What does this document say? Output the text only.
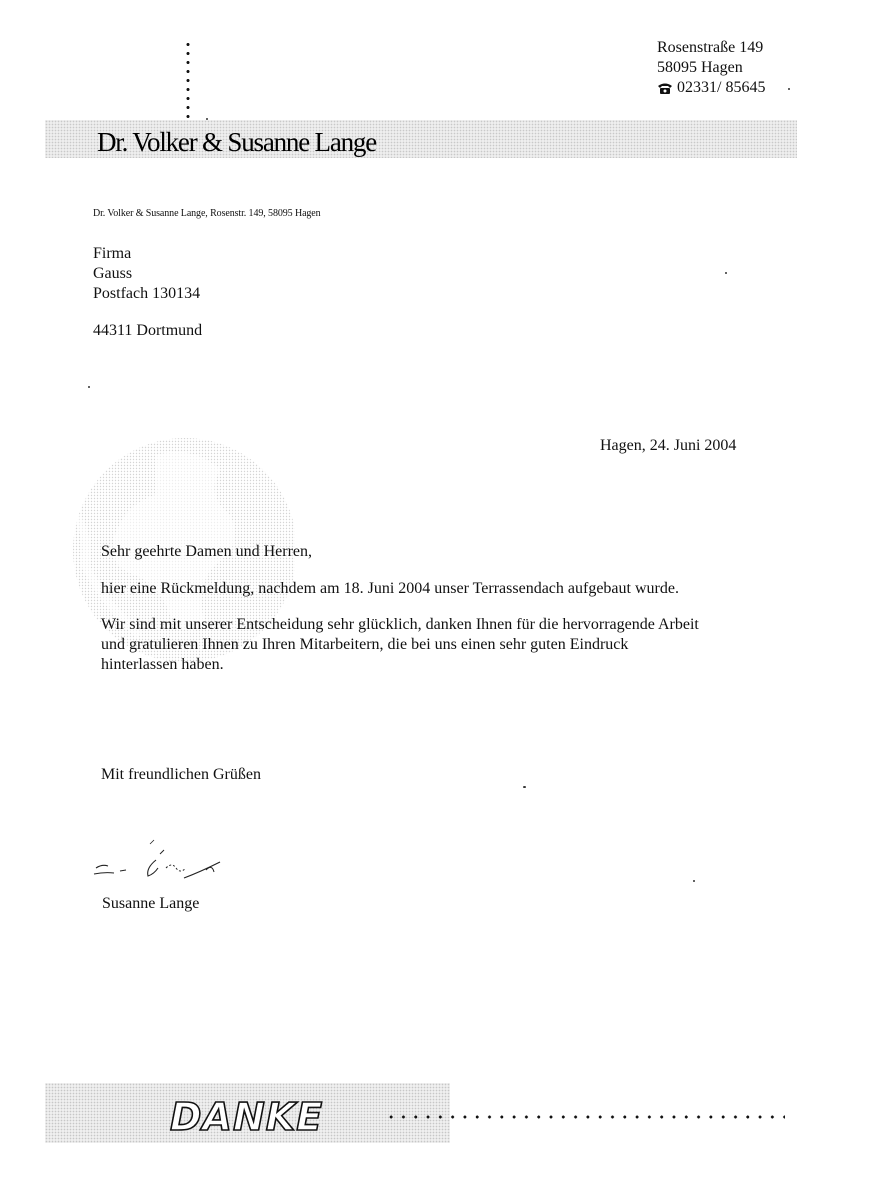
Rosenstraße 149
58095 Hagen
02331/ 85645
Dr. Volker & Susanne Lange
Dr. Volker & Susanne Lange, Rosenstr. 149, 58095 Hagen
Firma
Gauss
Postfach 130134
44311 Dortmund
Hagen, 24. Juni 2004
Sehr geehrte Damen und Herren,
hier eine Rückmeldung, nachdem am 18. Juni 2004 unser Terrassendach aufgebaut wurde.
Wir sind mit unserer Entscheidung sehr glücklich, danken Ihnen für die hervorragende Arbeit
und gratulieren Ihnen zu Ihren Mitarbeitern, die bei uns einen sehr guten Eindruck
hinterlassen haben.
Mit freundlichen Grüßen
Susanne Lange
DANKE
